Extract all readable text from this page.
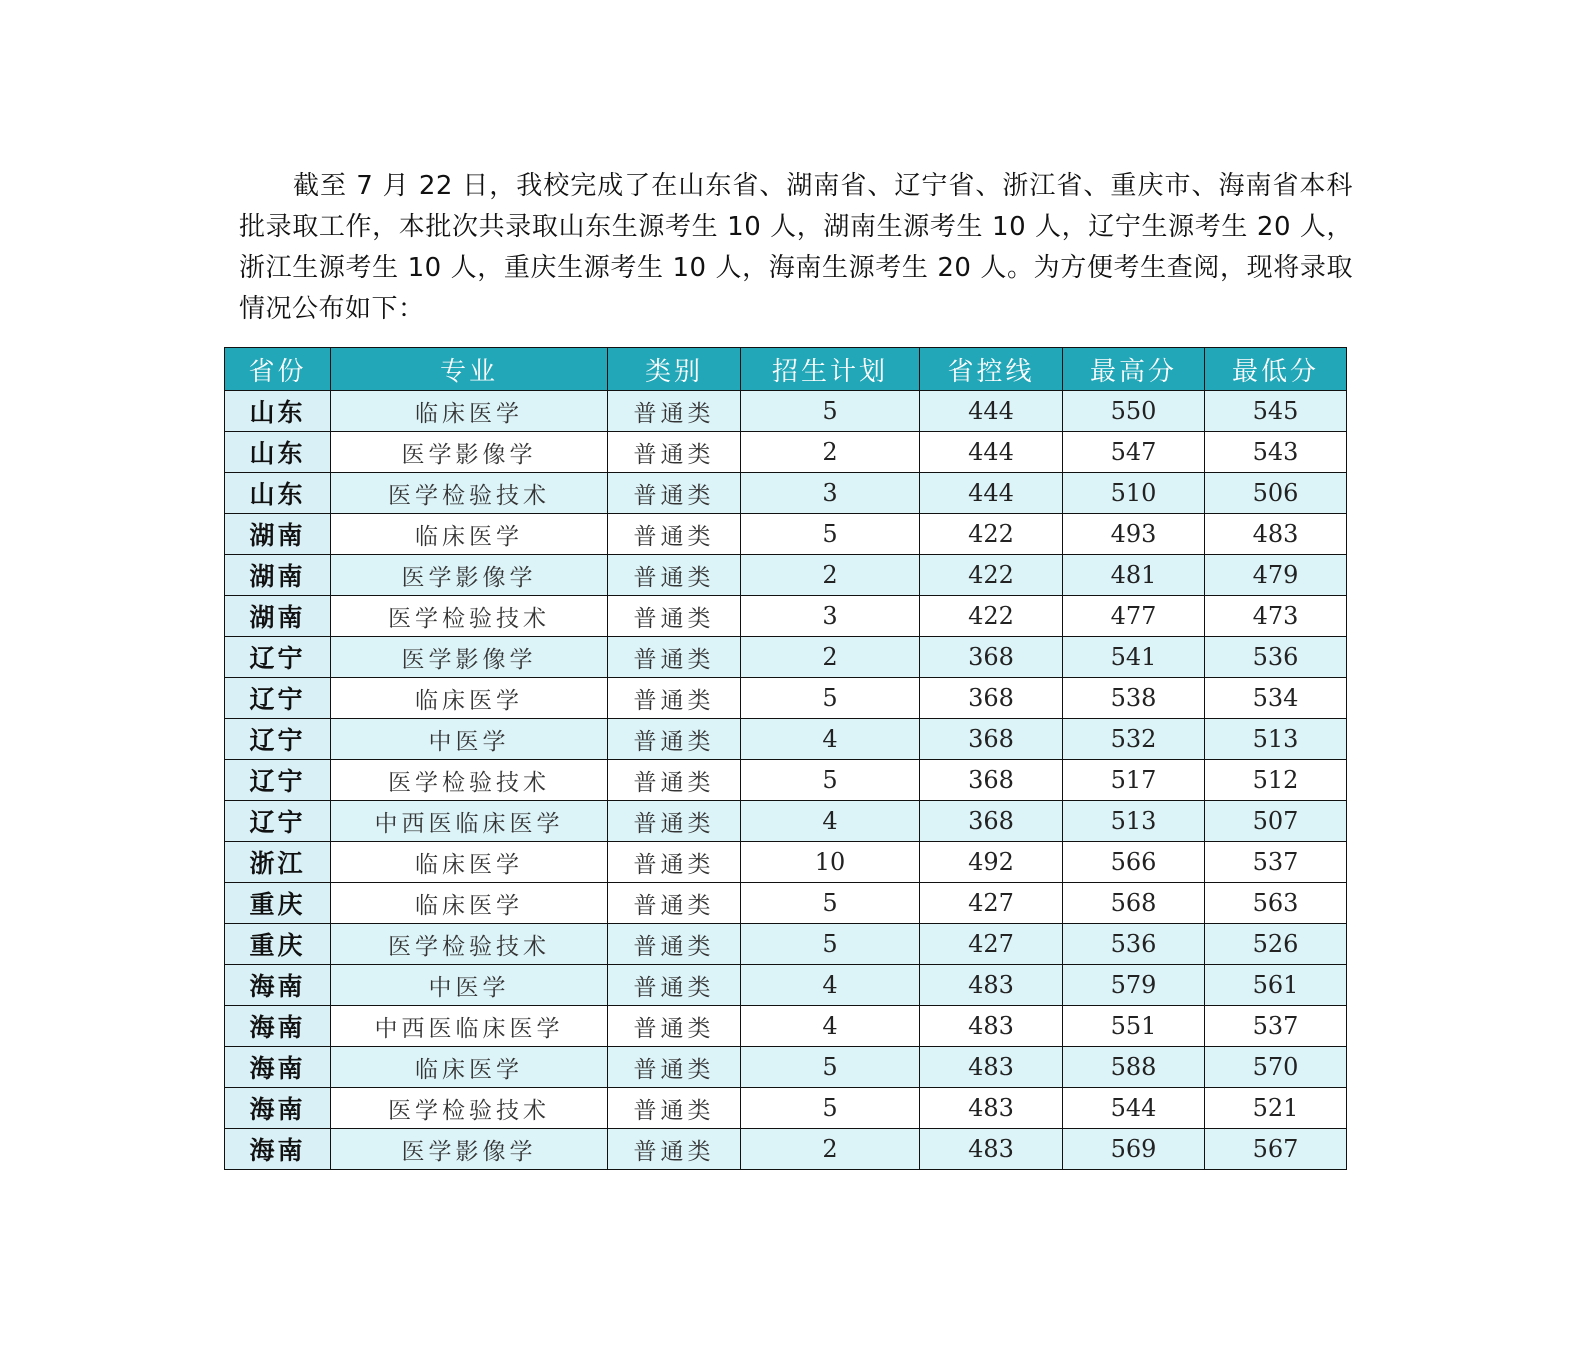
截至 7 月 22 日，我校完成了在山东省、湖南省、辽宁省、浙江省、重庆市、海南省本科批录取工作，本批次共录取山东生源考生 10 人，湖南生源考生 10 人，辽宁生源考生 20 人，浙江生源考生 10 人，重庆生源考生 10 人，海南生源考生 20 人。为方便考生查阅，现将录取情况公布如下：

省份	专业	类别	招生计划	省控线	最高分	最低分
山东	临床医学	普通类	5	444	550	545
山东	医学影像学	普通类	2	444	547	543
山东	医学检验技术	普通类	3	444	510	506
湖南	临床医学	普通类	5	422	493	483
湖南	医学影像学	普通类	2	422	481	479
湖南	医学检验技术	普通类	3	422	477	473
辽宁	医学影像学	普通类	2	368	541	536
辽宁	临床医学	普通类	5	368	538	534
辽宁	中医学	普通类	4	368	532	513
辽宁	医学检验技术	普通类	5	368	517	512
辽宁	中西医临床医学	普通类	4	368	513	507
浙江	临床医学	普通类	10	492	566	537
重庆	临床医学	普通类	5	427	568	563
重庆	医学检验技术	普通类	5	427	536	526
海南	中医学	普通类	4	483	579	561
海南	中西医临床医学	普通类	4	483	551	537
海南	临床医学	普通类	5	483	588	570
海南	医学检验技术	普通类	5	483	544	521
海南	医学影像学	普通类	2	483	569	567
